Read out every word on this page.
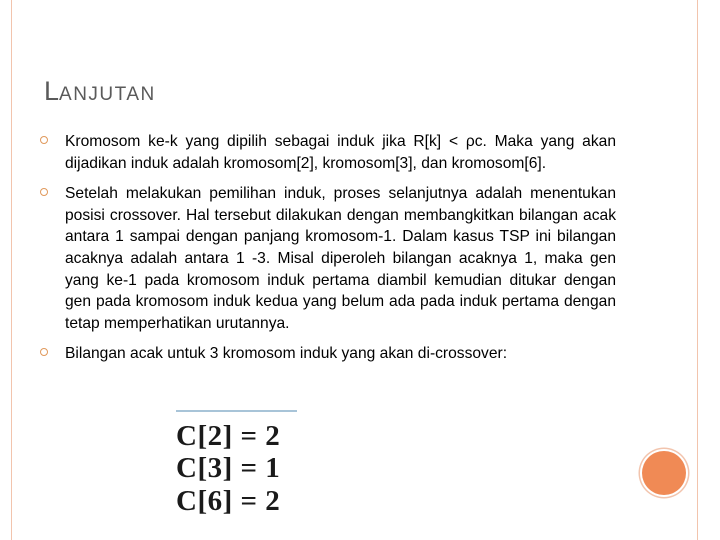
LANJUTAN
Kromosom ke-k yang dipilih sebagai induk jika R[k] < ρc. Maka yang akan dijadikan induk adalah kromosom[2], kromosom[3], dan kromosom[6].
Setelah melakukan pemilihan induk, proses selanjutnya adalah menentukan posisi crossover. Hal tersebut dilakukan dengan membangkitkan bilangan acak antara 1 sampai dengan panjang kromosom-1. Dalam kasus TSP ini bilangan acaknya adalah antara 1 -3. Misal diperoleh bilangan acaknya 1, maka gen yang ke-1 pada kromosom induk pertama diambil kemudian ditukar dengan gen pada kromosom induk kedua yang belum ada pada induk pertama dengan tetap memperhatikan urutannya.
Bilangan acak untuk 3 kromosom induk yang akan di-crossover:
C[2] = 2
C[3] = 1
C[6] = 2
